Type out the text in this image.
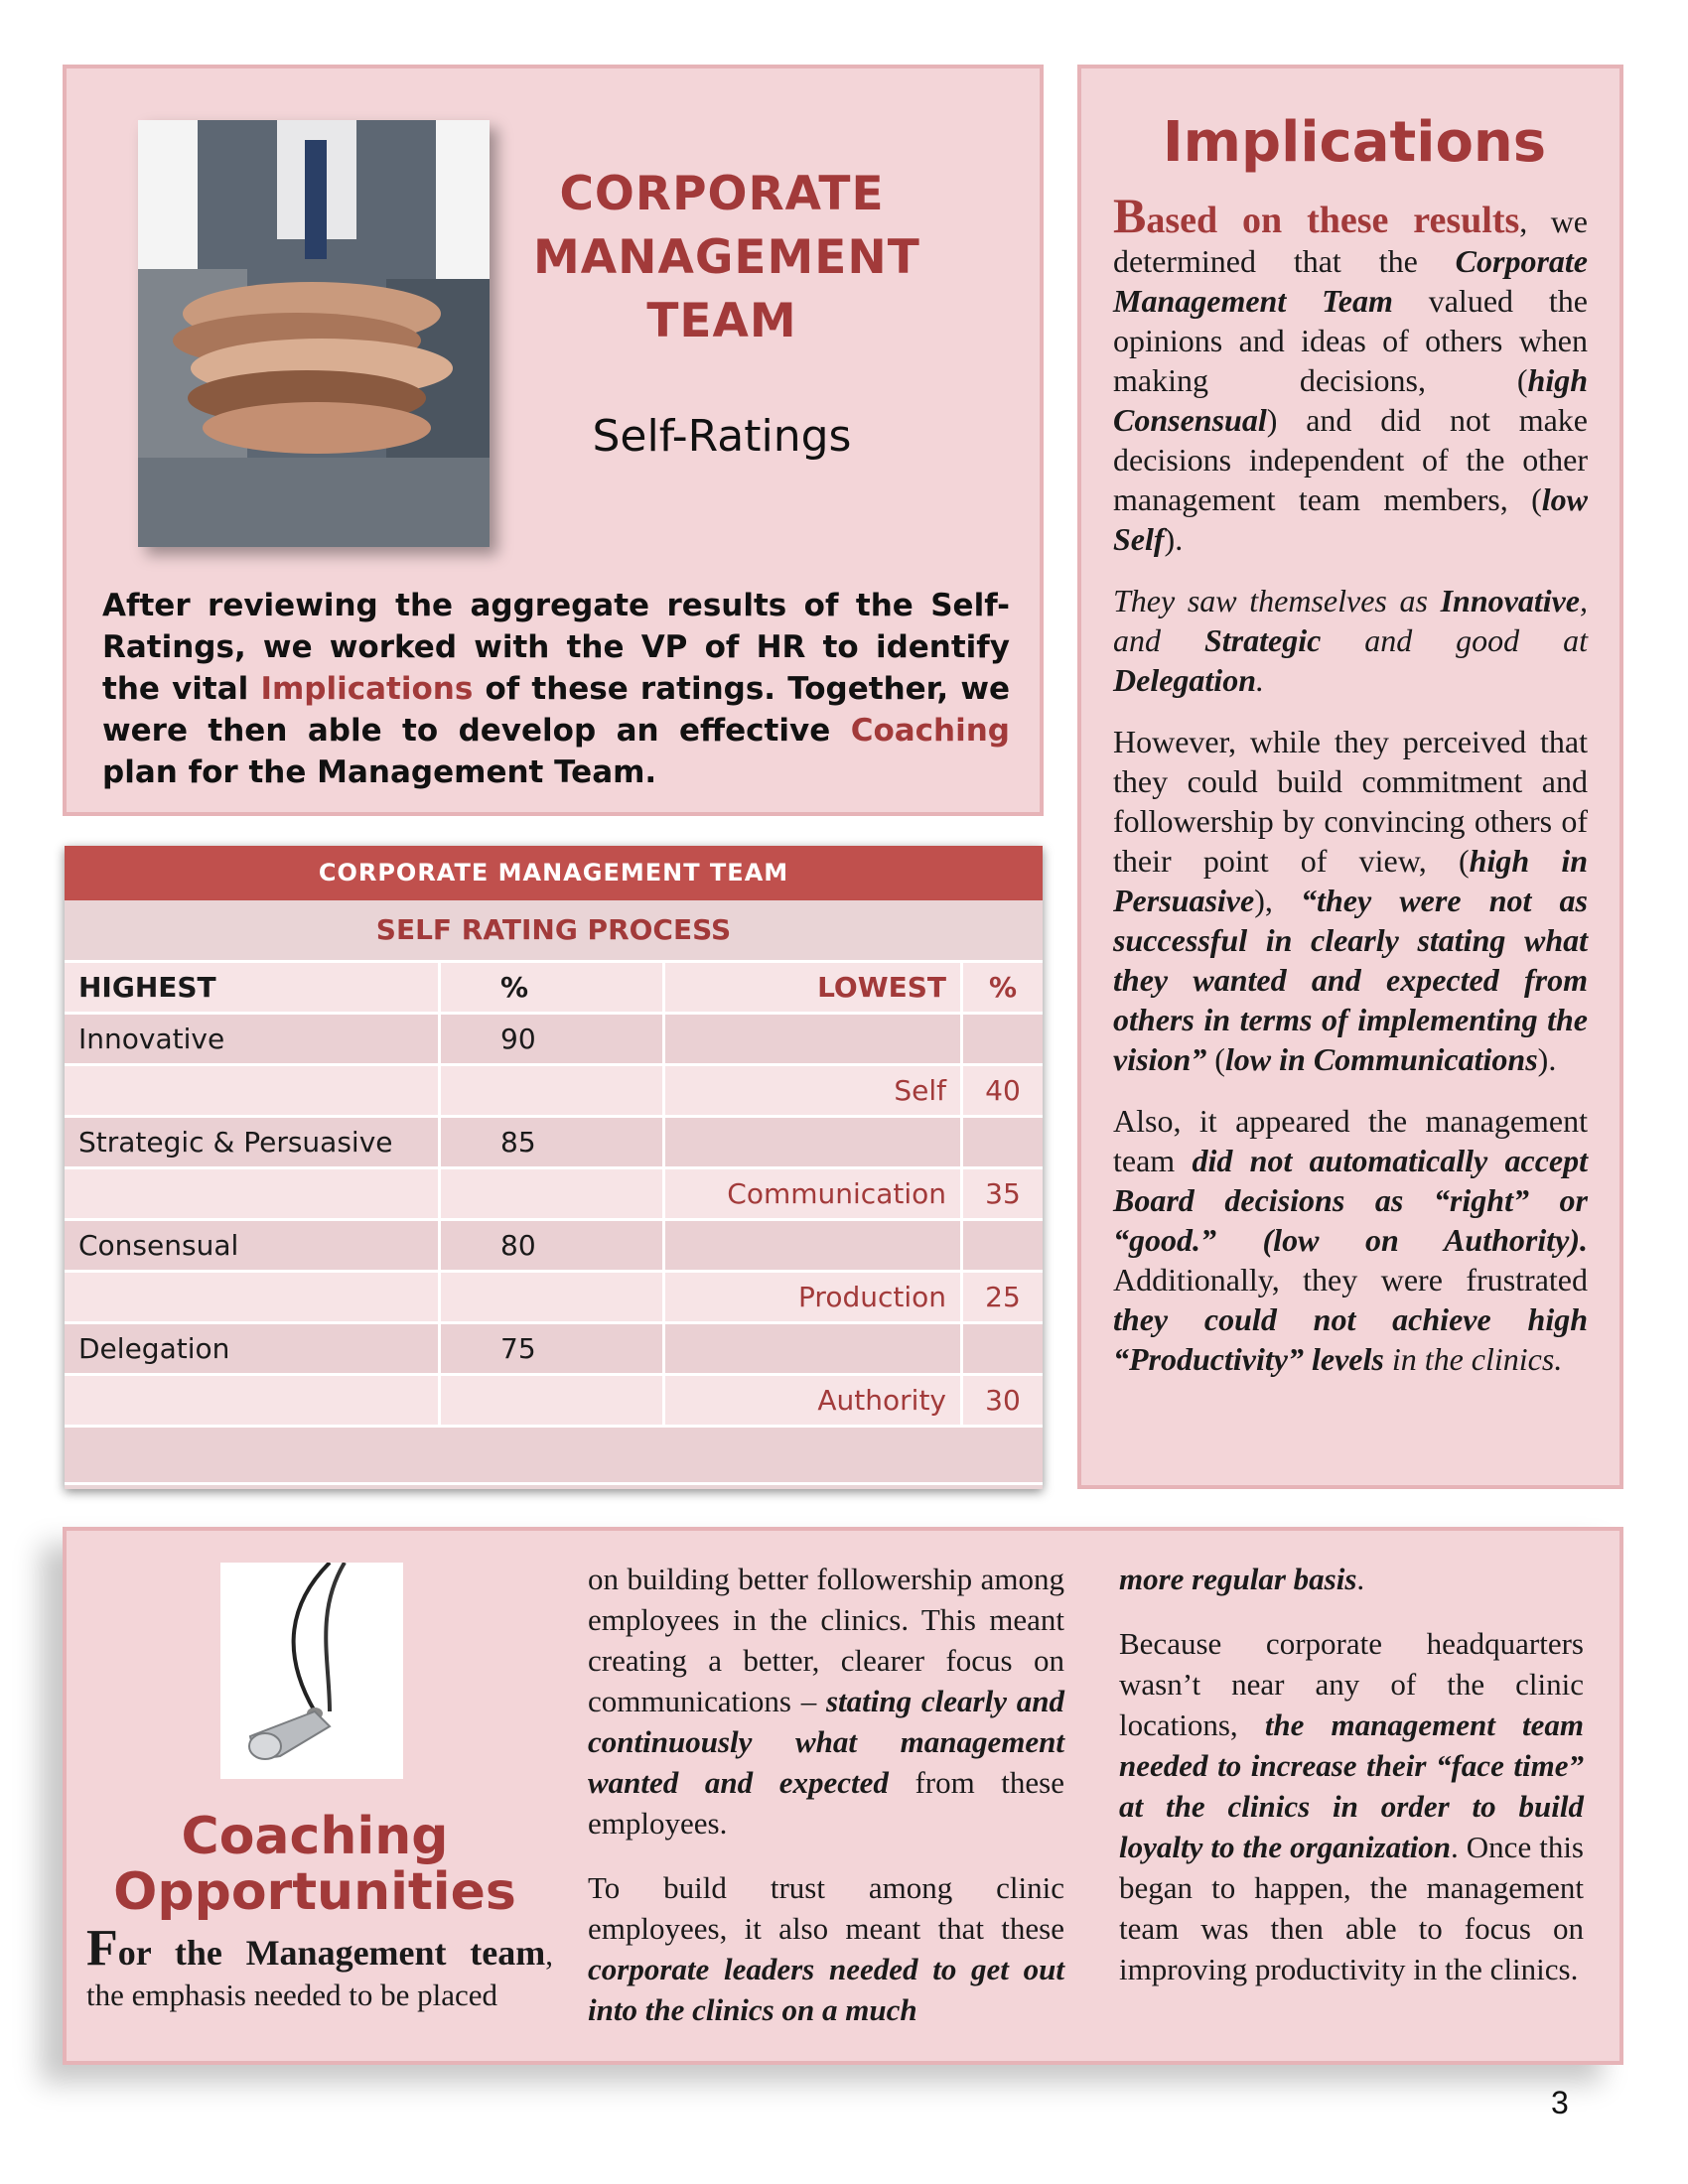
CORPORATE

MANAGEMENT

TEAM

Self-Ratings
After reviewing the aggregate results of the Self-Ratings, we worked with the VP of HR to identify the vital Implications of these ratings. Together, we were then able to develop an effective Coaching plan for the Management Team.
CORPORATE MANAGEMENT TEAM
SELF RATING PROCESS
HIGHEST	%	LOWEST	%
Innovative	90		
		Self	40
Strategic & Persuasive	85		
		Communication	35
Consensual	80		
		Production	25
Delegation	75		
		Authority	30

Implications

Based on these results, we determined that the Corporate Management Team valued the opinions and ideas of others when making decisions, (high Consensual) and did not make decisions independent of the other management team members, (low Self).

They saw themselves as Innovative, and Strategic and good at Delegation.

However, while they perceived that they could build commitment and followership by convincing others of their point of view, (high in Persuasive), “they were not as successful in clearly stating what they wanted and expected from others in terms of implementing the vision” (low in Communications).

Also, it appeared the management team did not automatically accept Board decisions as “right” or “good.” (low on Authority). Additionally, they were frustrated they could not achieve high “Productivity” levels in the clinics.

Coaching
Opportunities
For the Management team, the emphasis needed to be placed

on building better followership among employees in the clinics. This meant creating a better, clearer focus on communications – stating clearly and continuously what management wanted and expected from these employees.

To build trust among clinic employees, it also meant that these corporate leaders needed to get out into the clinics on a much

more regular basis.

Because corporate headquarters wasn’t near any of the clinic locations, the management team needed to increase their “face time” at the clinics in order to build loyalty to the organization. Once this began to happen, the management team was then able to focus on improving productivity in the clinics.

3
